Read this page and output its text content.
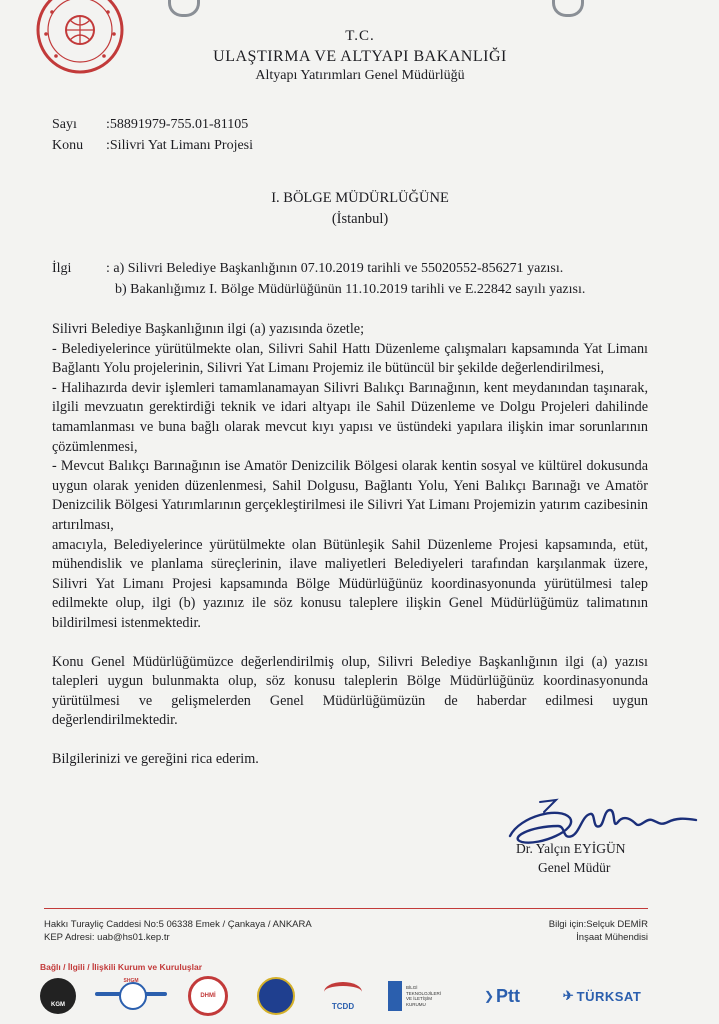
T.C.
ULAŞTIRMA VE ALTYAPI BAKANLIĞI
Altyapı Yatırımları Genel Müdürlüğü
Sayı :58891979-755.01-81105
Konu :Silivri Yat Limanı Projesi
I. BÖLGE MÜDÜRLÜĞÜNE
(İstanbul)
İlgi : a) Silivri Belediye Başkanlığının 07.10.2019 tarihli ve 55020552-856271 yazısı.
b) Bakanlığımız I. Bölge Müdürlüğünün 11.10.2019 tarihli ve E.22842 sayılı yazısı.

Silivri Belediye Başkanlığının ilgi (a) yazısında özetle;

- Belediyelerince yürütülmekte olan, Silivri Sahil Hattı Düzenleme çalışmaları kapsamında Yat Limanı Bağlantı Yolu projelerinin, Silivri Yat Limanı Projemiz ile bütüncül bir şekilde değerlendirilmesi,

- Halihazırda devir işlemleri tamamlanamayan Silivri Balıkçı Barınağının, kent meydanından taşınarak, ilgili mevzuatın gerektirdiği teknik ve idari altyapı ile Sahil Düzenleme ve Dolgu Projeleri dahilinde tamamlanması ve buna bağlı olarak mevcut kıyı yapısı ve üstündeki yapılara ilişkin imar sorunlarının çözümlenmesi,

- Mevcut Balıkçı Barınağının ise Amatör Denizcilik Bölgesi olarak kentin sosyal ve kültürel dokusunda uygun olarak yeniden düzenlenmesi, Sahil Dolgusu, Bağlantı Yolu, Yeni Balıkçı Barınağı ve Amatör Denizcilik Bölgesi Yatırımlarının gerçekleştirilmesi ile Silivri Yat Limanı Projemizin yatırım cazibesinin artırılması,

amacıyla, Belediyelerince yürütülmekte olan Bütünleşik Sahil Düzenleme Projesi kapsamında, etüt, mühendislik ve planlama süreçlerinin, ilave maliyetleri Belediyeleri tarafından karşılanmak üzere, Silivri Yat Limanı Projesi kapsamında Bölge Müdürlüğünüz koordinasyonunda yürütülmesi talep edilmekte olup, ilgi (b) yazınız ile söz konusu taleplere ilişkin Genel Müdürlüğümüz talimatının bildirilmesi istenmektedir.

Konu Genel Müdürlüğümüzce değerlendirilmiş olup, Silivri Belediye Başkanlığının ilgi (a) yazısı talepleri uygun bulunmakta olup, söz konusu taleplerin Bölge Müdürlüğünüz koordinasyonunda yürütülmesi ve gelişmelerden Genel Müdürlüğümüzün de haberdar edilmesi uygun değerlendirilmektedir.

Bilgilerinizi ve gereğini rica ederim.

Dr. Yalçın EYİGÜN
Genel Müdür
Hakkı Turayliç Caddesi No:5 06338 Emek / Çankaya / ANKARA
KEP Adresi: uab@hs01.kep.tr
Bilgi için:Selçuk DEMİR
İnşaat Mühendisi
Bağlı / İlgili / İlişkili Kurum ve Kuruluşlar
KGM
SHGM
DHMİ
TCDD
BİLGİ
TEKNOLOJİLERİ
VE İLETİŞİM
KURUMU
❯ Ptt	✈ TÜRKSAT
